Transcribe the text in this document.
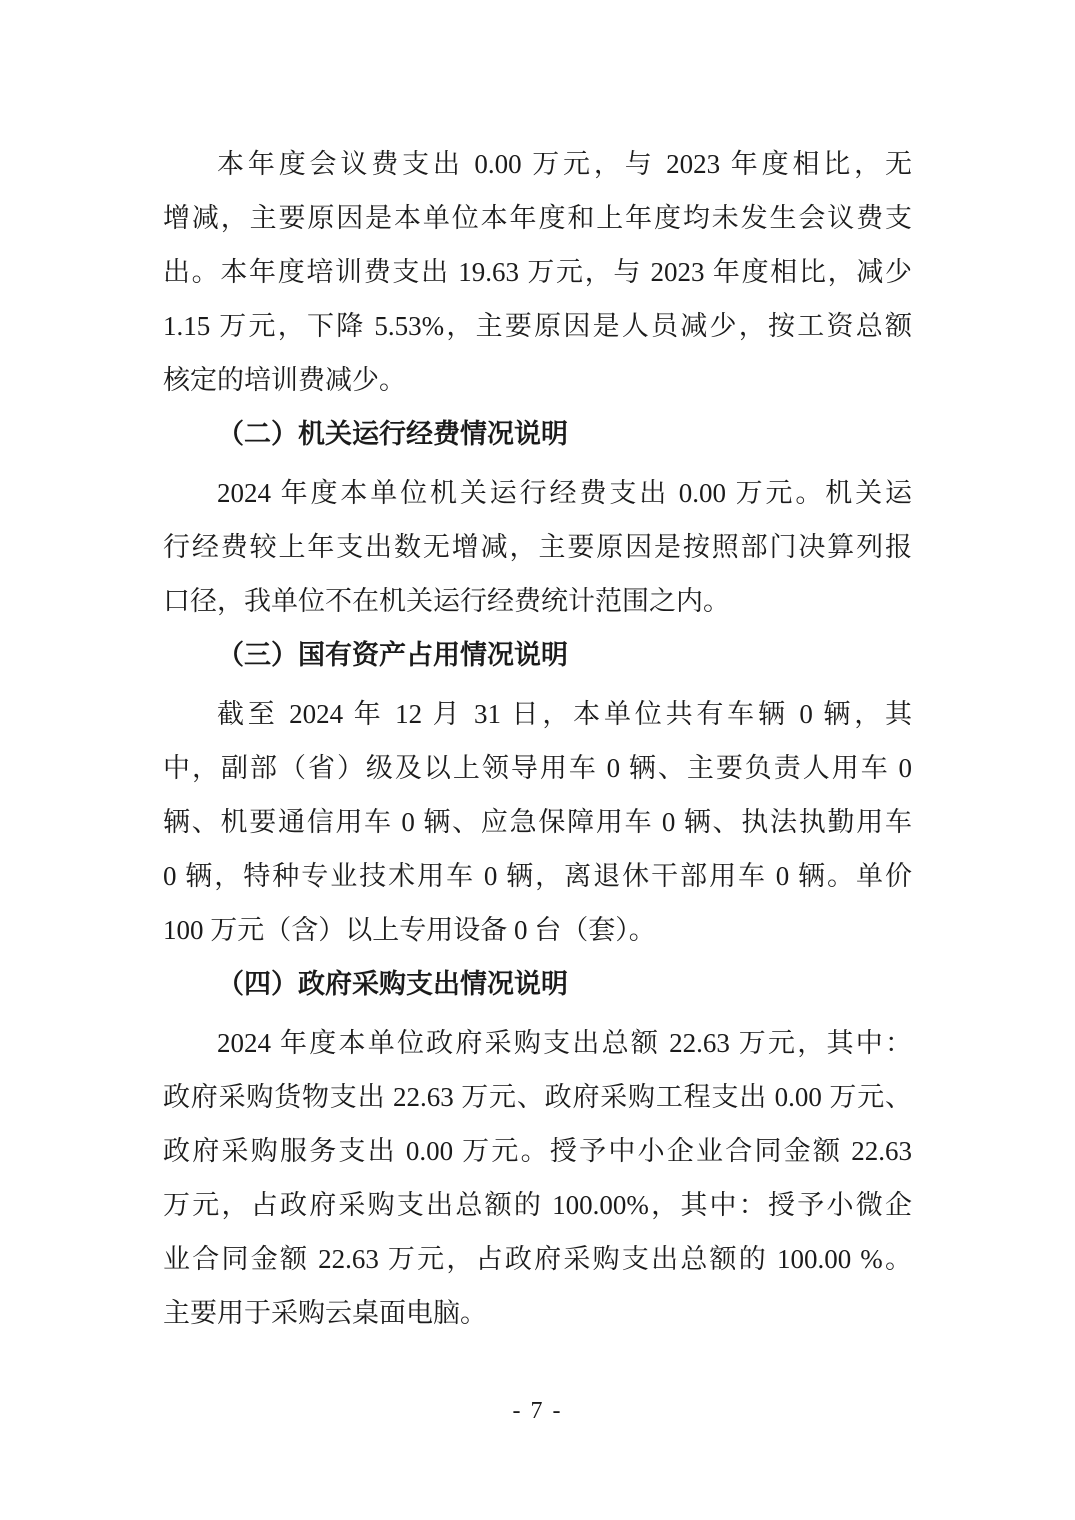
本年度会议费支出 0.00 万元，与 2023 年度相比，无
增减，主要原因是本单位本年度和上年度均未发生会议费支
出。本年度培训费支出 19.63 万元，与 2023 年度相比，减少
1.15 万元，下降 5.53%，主要原因是人员减少，按工资总额
核定的培训费减少。
（二）机关运行经费情况说明
2024 年度本单位机关运行经费支出 0.00 万元。机关运
行经费较上年支出数无增减，主要原因是按照部门决算列报
口径，我单位不在机关运行经费统计范围之内。
（三）国有资产占用情况说明
截至 2024 年 12 月 31 日，本单位共有车辆 0 辆，其
中，副部（省）级及以上领导用车 0 辆、主要负责人用车 0
辆、机要通信用车 0 辆、应急保障用车 0 辆、执法执勤用车
0 辆，特种专业技术用车 0 辆，离退休干部用车 0 辆。单价
100 万元（含）以上专用设备 0 台（套）。
（四）政府采购支出情况说明
2024 年度本单位政府采购支出总额 22.63 万元，其中：
政府采购货物支出 22.63 万元、政府采购工程支出 0.00 万元、
政府采购服务支出 0.00 万元。授予中小企业合同金额 22.63
万元，占政府采购支出总额的 100.00%，其中：授予小微企
业合同金额 22.63 万元，占政府采购支出总额的 100.00 %。
主要用于采购云桌面电脑。
- 7 -
